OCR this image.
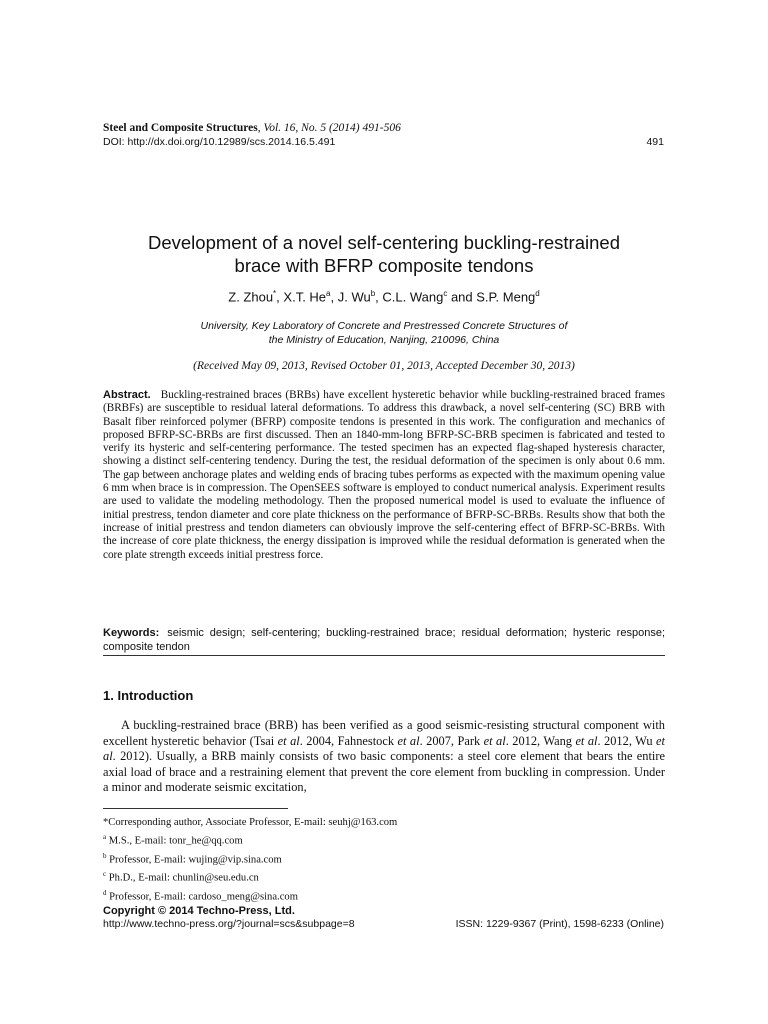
Steel and Composite Structures, Vol. 16, No. 5 (2014) 491-506
DOI: http://dx.doi.org/10.12989/scs.2014.16.5.491	491
Development of a novel self-centering buckling-restrained
brace with BFRP composite tendons
Z. Zhou*, X.T. He$^a$, J. Wu$^b$, C.L. Wang$^c$ and S.P. Meng$^d$
University, Key Laboratory of Concrete and Prestressed Concrete Structures of
the Ministry of Education, Nanjing, 210096, China
(Received May 09, 2013, Revised October 01, 2013, Accepted December 30, 2013)
Abstract. Buckling-restrained braces (BRBs) have excellent hysteretic behavior while buckling-restrained braced frames (BRBFs) are susceptible to residual lateral deformations. To address this drawback, a novel self-centering (SC) BRB with Basalt fiber reinforced polymer (BFRP) composite tendons is presented in this work. The configuration and mechanics of proposed BFRP-SC-BRBs are first discussed. Then an 1840-mm-long BFRP-SC-BRB specimen is fabricated and tested to verify its hysteric and self-centering performance. The tested specimen has an expected flag-shaped hysteresis character, showing a distinct self-centering tendency. During the test, the residual deformation of the specimen is only about 0.6 mm. The gap between anchorage plates and welding ends of bracing tubes performs as expected with the maximum opening value 6 mm when brace is in compression. The OpenSEES software is employed to conduct numerical analysis. Experiment results are used to validate the modeling methodology. Then the proposed numerical model is used to evaluate the influence of initial prestress, tendon diameter and core plate thickness on the performance of BFRP-SC-BRBs. Results show that both the increase of initial prestress and tendon diameters can obviously improve the self-centering effect of BFRP-SC-BRBs. With the increase of core plate thickness, the energy dissipation is improved while the residual deformation is generated when the core plate strength exceeds initial prestress force.
Keywords: seismic design; self-centering; buckling-restrained brace; residual deformation; hysteric response; composite tendon
1. Introduction
A buckling-restrained brace (BRB) has been verified as a good seismic-resisting structural component with excellent hysteretic behavior (Tsai et al. 2004, Fahnestock et al. 2007, Park et al. 2012, Wang et al. 2012, Wu et al. 2012). Usually, a BRB mainly consists of two basic components: a steel core element that bears the entire axial load of brace and a restraining element that prevent the core element from buckling in compression. Under a minor and moderate seismic excitation,
*Corresponding author, Associate Professor, E-mail: seuhj@163.com
$^a$ M.S., E-mail: tonr_he@qq.com
$^b$ Professor, E-mail: wujing@vip.sina.com
$^c$ Ph.D., E-mail: chunlin@seu.edu.cn
$^d$ Professor, E-mail: cardoso_meng@sina.com
Copyright © 2014 Techno-Press, Ltd.
http://www.techno-press.org/?journal=scs&subpage=8	ISSN: 1229-9367 (Print), 1598-6233 (Online)
